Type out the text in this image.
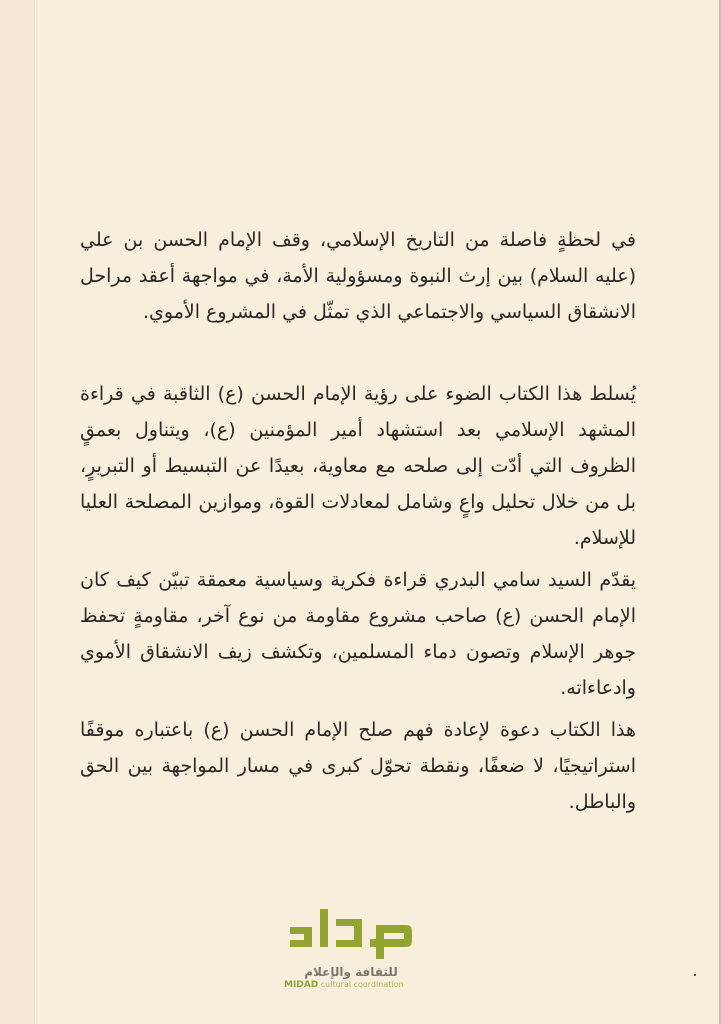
في لحظةٍ فاصلة من التاريخ الإسلامي، وقف الإمام الحسن بن علي (عليه السلام) بين إرث النبوة ومسؤولية الأمة، في مواجهة أعقد مراحل الانشقاق السياسي والاجتماعي الذي تمثّل في المشروع الأموي.

يُسلط هذا الكتاب الضوء على رؤية الإمام الحسن (ع) الثاقبة في قراءة المشهد الإسلامي بعد استشهاد أمير المؤمنين (ع)، ويتناول بعمقٍ الظروف التي أدّت إلى صلحه مع معاوية، بعيدًا عن التبسيط أو التبريرٍ، بل من خلال تحليل واعٍ وشامل لمعادلات القوة، وموازين المصلحة العليا للإسلام.

يقدّم السيد سامي البدري قراءة فكرية وسياسية معمقة تبيّن كيف كان الإمام الحسن (ع) صاحب مشروع مقاومة من نوع آخر، مقاومةٍ تحفظ جوهر الإسلام وتصون دماء المسلمين، وتكشف زيف الانشقاق الأموي وادعاءاته.

هذا الكتاب دعوة لإعادة فهم صلح الإمام الحسن (ع) باعتباره موقفًا استراتيجيًا، لا ضعفًا، ونقطة تحوّل كبرى في مسار المواجهة بين الحق والباطل.

للثقافة والإعلام
MIDAD cultural coordination
